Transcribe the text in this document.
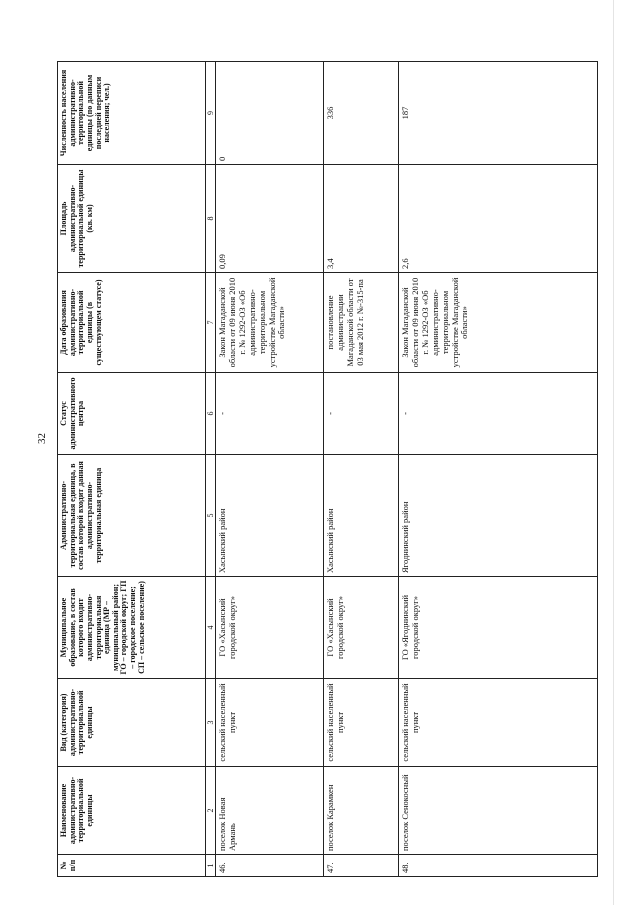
32
№ п/п	Наименование административно-территориальной единицы	Вид (категория) административно-территориальной единицы	Муниципальное образование, в состав которого входит административно-территориальная единица (МР – муниципальный район; ГО – городской округ; ГП – городское поселение; СП – сельское поселение)	Административно-территориальная единица, в состав которой входит данная административно-территориальная единица	Статус административного центра	Дата образования административно-территориальной единицы (в существующем статусе)	Площадь административно-территориальной единицы (кв. км)	Численность населения административно-территориальной единицы (по данным последней переписи населения; чел.)
1	2	3	4	5	6	7	8	9
46.	поселок Новая Армань	сельский населенный пункт	ГО «Хасынский городской округ»	Хасынский район	-	Закон Магаданской области от 09 июня 2010 г. № 1292-ОЗ «Об административно-территориальном устройстве Магаданской области»	0,09	0
47.	поселок Карамкен	сельский населенный пункт	ГО «Хасынский городской округ»	Хасынский район	-	постановление администрации Магаданской области от 03 мая 2012 г. №-315-па	3,4	336
48.	поселок Сенокосный	сельский населенный пункт	ГО «Ягоднинский городской округ»	Ягоднинский район	-	Закон Магаданской области от 09 июня 2010 г. № 1292-ОЗ «Об административно-территориальном устройстве Магаданской области»	2,6	187
